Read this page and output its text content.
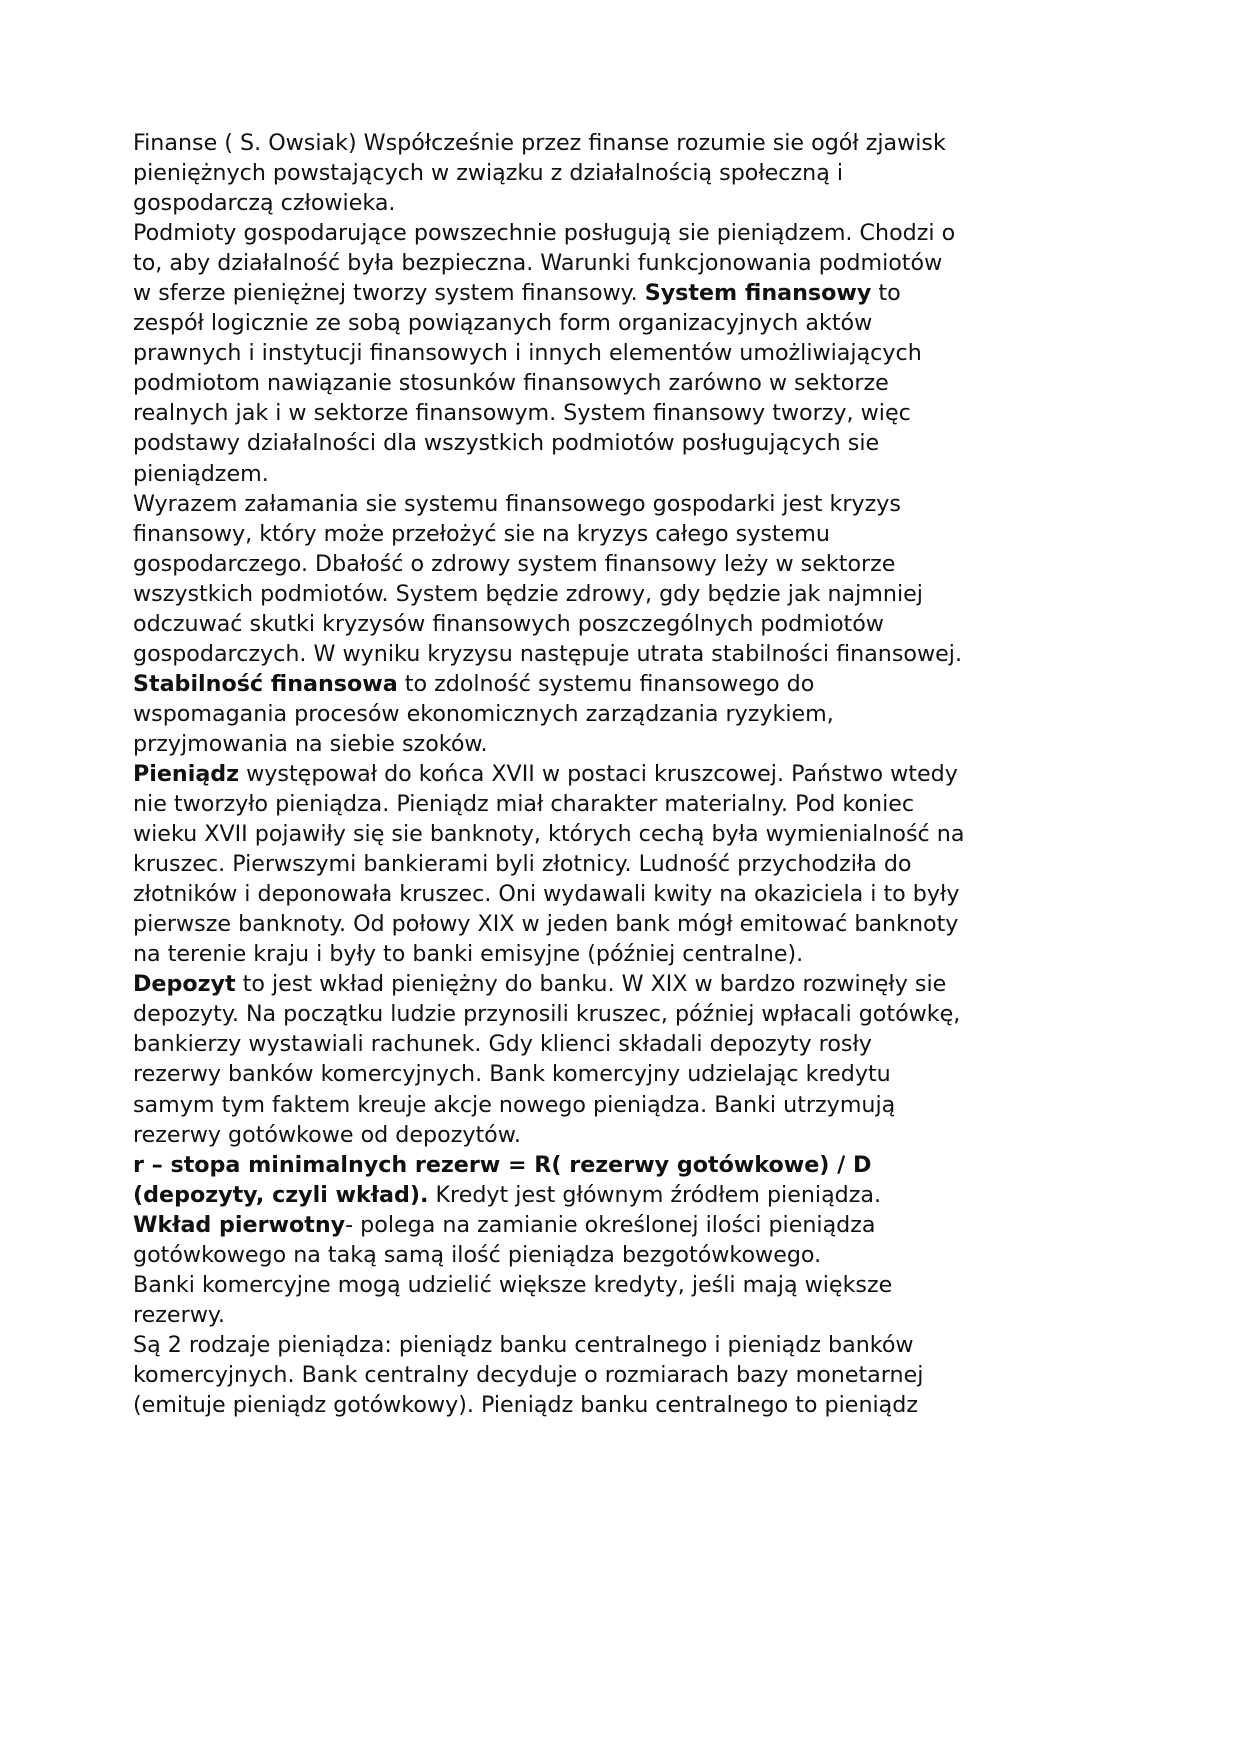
Finanse ( S. Owsiak) Współcześnie przez finanse rozumie sie ogół zjawisk
pieniężnych powstających w związku z działalnością społeczną i
gospodarczą człowieka.
Podmioty gospodarujące powszechnie posługują sie pieniądzem. Chodzi o
to, aby działalność była bezpieczna. Warunki funkcjonowania podmiotów
w sferze pieniężnej tworzy system finansowy. System finansowy to
zespół logicznie ze sobą powiązanych form organizacyjnych aktów
prawnych i instytucji finansowych i innych elementów umożliwiających
podmiotom nawiązanie stosunków finansowych zarówno w sektorze
realnych jak i w sektorze finansowym. System finansowy tworzy, więc
podstawy działalności dla wszystkich podmiotów posługujących sie
pieniądzem.
Wyrazem załamania sie systemu finansowego gospodarki jest kryzys
finansowy, który może przełożyć sie na kryzys całego systemu
gospodarczego. Dbałość o zdrowy system finansowy leży w sektorze
wszystkich podmiotów. System będzie zdrowy, gdy będzie jak najmniej
odczuwać skutki kryzysów finansowych poszczególnych podmiotów
gospodarczych. W wyniku kryzysu następuje utrata stabilności finansowej.
Stabilność finansowa to zdolność systemu finansowego do
wspomagania procesów ekonomicznych zarządzania ryzykiem,
przyjmowania na siebie szoków.
Pieniądz występował do końca XVII w postaci kruszcowej. Państwo wtedy
nie tworzyło pieniądza. Pieniądz miał charakter materialny. Pod koniec
wieku XVII pojawiły się sie banknoty, których cechą była wymienialność na
kruszec. Pierwszymi bankierami byli złotnicy. Ludność przychodziła do
złotników i deponowała kruszec. Oni wydawali kwity na okaziciela i to były
pierwsze banknoty. Od połowy XIX w jeden bank mógł emitować banknoty
na terenie kraju i były to banki emisyjne (później centralne).
Depozyt to jest wkład pieniężny do banku. W XIX w bardzo rozwinęły sie
depozyty. Na początku ludzie przynosili kruszec, później wpłacali gotówkę,
bankierzy wystawiali rachunek. Gdy klienci składali depozyty rosły
rezerwy banków komercyjnych. Bank komercyjny udzielając kredytu
samym tym faktem kreuje akcje nowego pieniądza. Banki utrzymują
rezerwy gotówkowe od depozytów.
r – stopa minimalnych rezerw = R( rezerwy gotówkowe) / D
(depozyty, czyli wkład). Kredyt jest głównym źródłem pieniądza.
Wkład pierwotny- polega na zamianie określonej ilości pieniądza
gotówkowego na taką samą ilość pieniądza bezgotówkowego.
Banki komercyjne mogą udzielić większe kredyty, jeśli mają większe
rezerwy.
Są 2 rodzaje pieniądza: pieniądz banku centralnego i pieniądz banków
komercyjnych. Bank centralny decyduje o rozmiarach bazy monetarnej
(emituje pieniądz gotówkowy). Pieniądz banku centralnego to pieniądz
